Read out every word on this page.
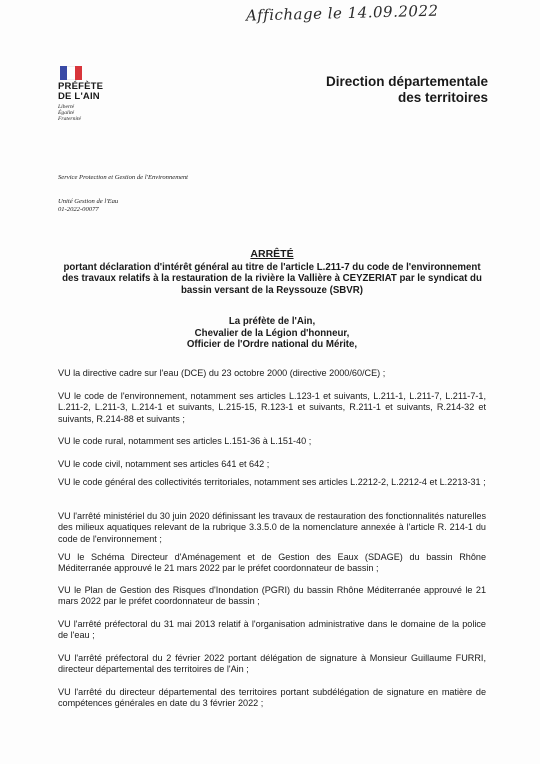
Affichage le 14.09.2022
PRÉFÈTE
DE L'AIN
Liberté
Égalité
Fraternité
Direction départementale
des territoires
Service Protection et Gestion de l'Environnement
Unité Gestion de l'Eau
01-2022-00077
ARRÊTÉ
portant déclaration d'intérêt général au titre de l'article L.211-7 du code de l'environnement des travaux relatifs à la restauration de la rivière la Vallière à CEYZERIAT par le syndicat du bassin versant de la Reyssouze (SBVR)
La préfète de l'Ain,
Chevalier de la Légion d'honneur,
Officier de l'Ordre national du Mérite,

VU la directive cadre sur l'eau (DCE) du 23 octobre 2000 (directive 2000/60/CE) ;

VU le code de l'environnement, notamment ses articles L.123-1 et suivants, L.211-1, L.211-7, L.211-7-1, L.211-2, L.211-3, L.214-1 et suivants, L.215-15, R.123-1 et suivants, R.211-1 et suivants, R.214-32 et suivants, R.214-88 et suivants ;

VU le code rural, notamment ses articles L.151-36 à L.151-40 ;

VU le code civil, notamment ses articles 641 et 642 ;

VU le code général des collectivités territoriales, notamment ses articles L.2212-2, L.2212-4 et L.2213-31 ;

VU l'arrêté ministériel du 30 juin 2020 définissant les travaux de restauration des fonctionnalités naturelles des milieux aquatiques relevant de la rubrique 3.3.5.0 de la nomenclature annexée à l'article R. 214-1 du code de l'environnement ;

VU le Schéma Directeur d'Aménagement et de Gestion des Eaux (SDAGE) du bassin Rhône Méditerranée approuvé le 21 mars 2022 par le préfet coordonnateur de bassin ;

VU le Plan de Gestion des Risques d'Inondation (PGRI) du bassin Rhône Méditerranée approuvé le 21 mars 2022 par le préfet coordonnateur de bassin ;

VU l'arrêté préfectoral du 31 mai 2013 relatif à l'organisation administrative dans le domaine de la police de l'eau ;

VU l'arrêté préfectoral du 2 février 2022 portant délégation de signature à Monsieur Guillaume FURRI, directeur départemental des territoires de l'Ain ;

VU l'arrêté du directeur départemental des territoires portant subdélégation de signature en matière de compétences générales en date du 3 février 2022 ;
